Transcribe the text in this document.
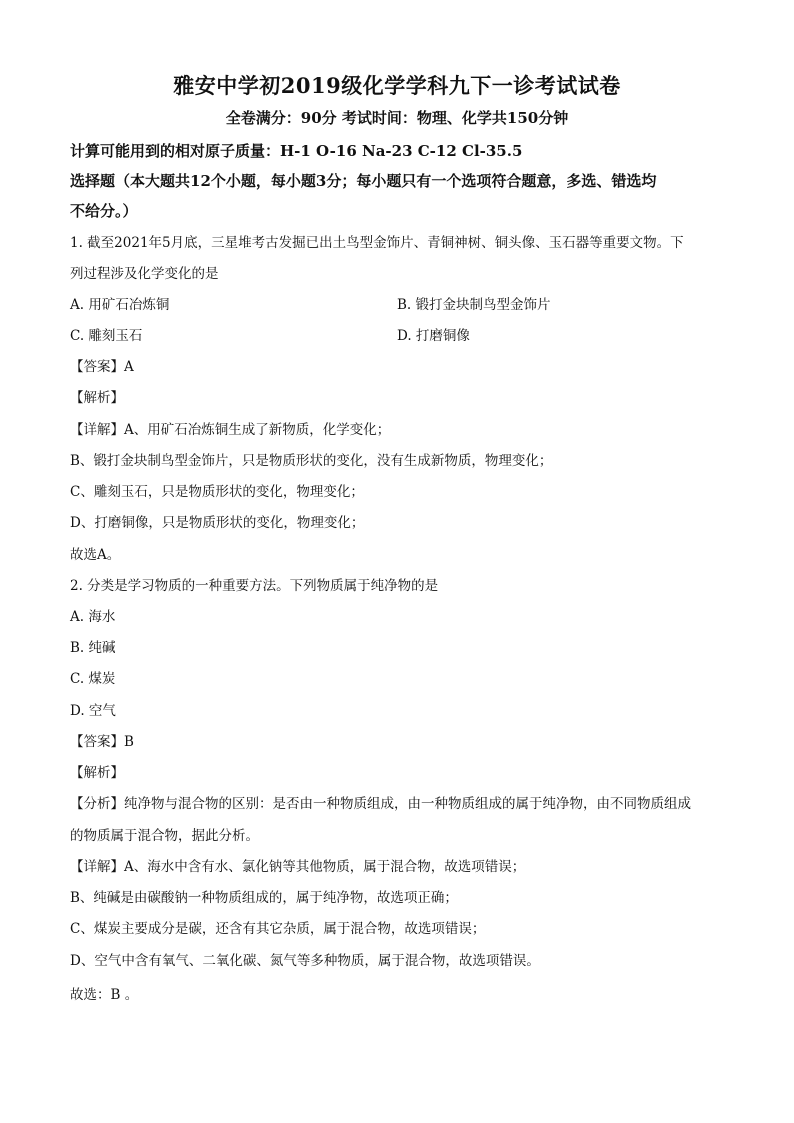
雅安中学初2019级化学学科九下一诊考试试卷
全卷满分：90分 考试时间：物理、化学共150分钟
计算可能用到的相对原子质量：H-1 O-16 Na-23 C-12 Cl-35.5
选择题（本大题共12个小题，每小题3分；每小题只有一个选项符合题意，多选、错选均
不给分。）
1. 截至2021年5月底，三星堆考古发掘已出土鸟型金饰片、青铜神树、铜头像、玉石器等重要文物。下
列过程涉及化学变化的是
A. 用矿石冶炼铜	B. 锻打金块制鸟型金饰片
C. 雕刻玉石	D. 打磨铜像
【答案】A
【解析】
【详解】A、用矿石冶炼铜生成了新物质，化学变化；
B、锻打金块制鸟型金饰片，只是物质形状的变化，没有生成新物质，物理变化；
C、雕刻玉石，只是物质形状的变化，物理变化；
D、打磨铜像，只是物质形状的变化，物理变化；
故选A。
2. 分类是学习物质的一种重要方法。下列物质属于纯净物的是
A. 海水
B. 纯碱
C. 煤炭
D. 空气
【答案】B
【解析】
【分析】纯净物与混合物的区别：是否由一种物质组成，由一种物质组成的属于纯净物，由不同物质组成
的物质属于混合物，据此分析。
【详解】A、海水中含有水、氯化钠等其他物质，属于混合物，故选项错误；
B、纯碱是由碳酸钠一种物质组成的，属于纯净物，故选项正确；
C、煤炭主要成分是碳，还含有其它杂质，属于混合物，故选项错误；
D、空气中含有氧气、二氧化碳、氮气等多种物质，属于混合物，故选项错误。
故选：B 。
